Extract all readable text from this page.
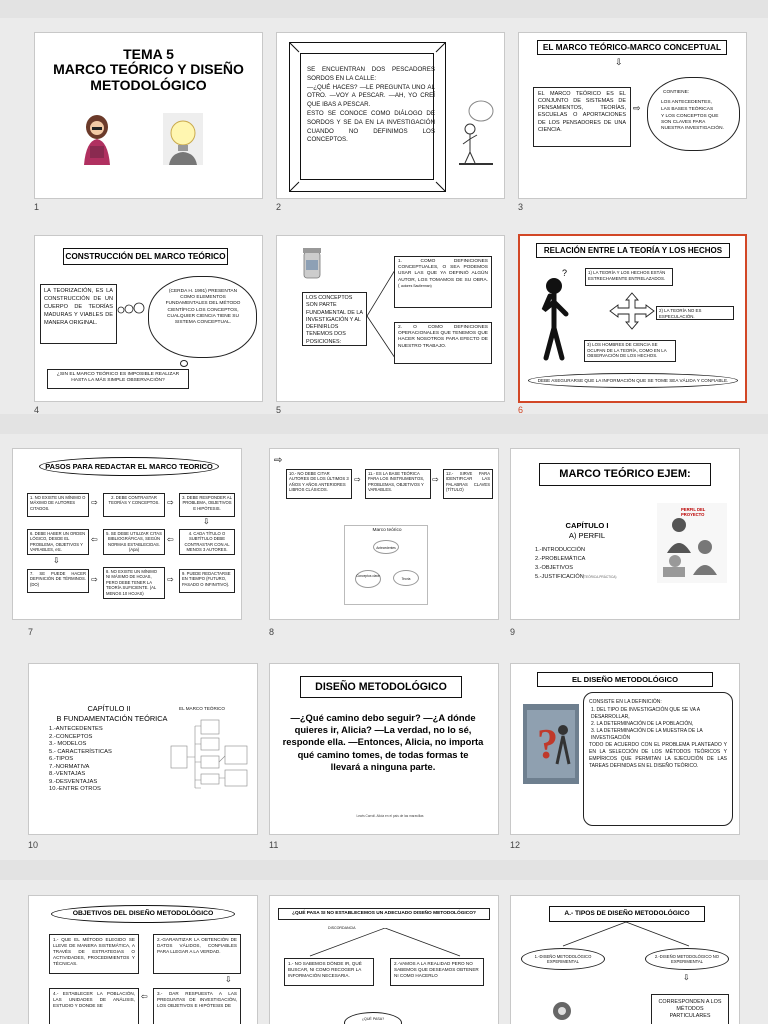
TEMA 5
MARCO TEÓRICO Y DISEÑO METODOLÓGICO
1
SE ENCUENTRAN DOS PESCADORES SORDOS EN LA CALLE:
—¿QUÉ HACES? —LE PREGUNTA UNO AL OTRO. —VOY A PESCAR. —AH, YO CREÍ QUE IBAS A PESCAR.
ESTO SE CONOCE COMO DIÁLOGO DE SORDOS Y SE DA EN LA INVESTIGACIÓN CUANDO NO DEFINIMOS LOS CONCEPTOS.
2
EL MARCO TEÓRICO-MARCO CONCEPTUAL
⇩
EL MARCO TEÓRICO ES EL CONJUNTO DE SISTEMAS DE PENSAMIENTOS, TEORÍAS, ESCUELAS O APORTACIONES DE LOS PENSADORES DE UNA CIENCIA.
⇨
CONTIENE:
LOS ANTECEDENTES,
LAS BASES TEÓRICAS
Y LOS CONCEPTOS QUE SON CLAVES PARA NUESTRA INVESTIGACIÓN.
3
CONSTRUCCIÓN DEL MARCO TEÓRICO
LA TEORIZACIÓN, ES LA CONSTRUCCIÓN DE UN CUERPO DE TEORÍAS MADURAS Y VIABLES DE MANERA ORIGINAL.
(CERDA H. 1991) PRESENTAN COMO ELEMENTOS FUNDAMENTALES DEL MÉTODO CIENTÍFICO LOS CONCEPTOS, CUALQUIER CIENCIA TIENE SU SISTEMA CONCEPTUAL.
¿SIN EL MARCO TEÓRICO ES IMPOSIBLE REALIZAR HASTA LA MÁS SIMPLE OBSERVACIÓN?
4
LOS CONCEPTOS SON PARTE FUNDAMENTAL DE LA INVESTIGACIÓN Y AL DEFINIRLOS TENEMOS DOS POSICIONES:
1. COMO DEFINICIONES CONCEPTUALES, O SEA PODEMOS USAR LAS QUE YA DEFINIÓ ALGÚN AUTOR, LOS TOMAMOS DE SU OBRA. ( autores Sautlerman)
2. O COMO DEFINICIONES OPERACIONALES QUE TENEMOS QUE HACER NOSOTROS PARA EFECTO DE NUESTRO TRABAJO.
5
RELACIÓN ENTRE LA TEORÍA Y LOS HECHOS
?	1) LA TEORÍA Y LOS HECHOS ESTÁN ESTRECHAMENTE ENTRELAZADOS.
2) LA TEORÍA NO ES ESPECULACIÓN.
3) LOS HOMBRES DE CIENCIA SE OCUPAN DE LA TEORÍA, COMO EN LA OBSERVACIÓN DE LOS HECHOS.
DEBE ASEGURARSE QUE LA INFORMACIÓN QUE SE TOME SEA VÁLIDA Y CONFIABLE.
6
PASOS PARA REDACTAR EL MARCO TEORICO
1. NO EXISTE UN MÍNIMO O MÁXIMO DE AUTORES CITADOS.
⇨
2. DEBE CONTRASTAR TEORÍAS Y CONCEPTOS. ⇨
3. DEBE RESPONDER AL PROBLEMA, OBJETIVOS E HIPÓTESIS.
⇩
6. DEBE HABER UN ORDEN LÓGICO, DESDE EL PROBLEMA, OBJETIVOS Y VARIABLES, etc.
⇦
5. SE DEBE UTILIZAR CITAS BIBLIOGRÁFICAS, SEGÚN NORMAS ESTABLECIDAS. (Apa)
⇦
4. CADA TÍTULO O SUBTÍTULO DEBE CONTRASTAR CON AL MENOS 3 AUTORES.
⇩
7. SE PUEDE HACER DEFINICIÓN DE TÉRMINOS. (DO)
⇨
8. NO EXISTE UN MÍNIMO NI MÁXIMO DE HOJAS, PERO DEBE TENER LA TEORÍA SUFICIENTE. (AL MENOS 10 HOJAS)
⇨
9. PUEDE REDACTARSE EN TIEMPO (FUTURO, PASADO O INFINITIVO).
7
⇨
10.- NO DEBE CITAR AUTORES DE LOS ÚLTIMOS 3 AÑOS Y AÑOS ANTERIORES LIBROS CLÁSICOS.
⇨
11.- ES LA BASE TEÓRICA PARA LOS INSTRUMENTOS, PROBLEMAS, OBJETIVOS Y VARIABLES.
⇨
12.- SIRVE PARA IDENTIFICAR LAS PALABRAS CLAVES (TÍTULO)
Marco teórico
Antecedentes
Conceptos clave
Teoría
8
MARCO TEÓRICO EJEM:
CAPÍTULO I
A) PERFIL
1.-INTRODUCCIÓN
2.-PROBLEMÁTICA
3.-OBJETIVOS
5.-JUSTIFICACIÓN (TEÓRICA-PRÁCTICA)
PERFIL DEL PROYECTO
9
CAPÍTULO II
B FUNDAMENTACIÓN TEÓRICA
1.-ANTECEDENTES
2.-CONCEPTOS
3.- MODELOS
5.- CARACTERÍSTICAS
6.-TIPOS
7.-NORMATIVA
8.-VENTAJAS
9.-DESVENTAJAS
10.-ENTRE OTROS
EL MARCO TEÓRICO
10
DISEÑO METODOLÓGICO
—¿Qué camino debo seguir? —¿A dónde quieres ir, Alicia? —La verdad, no lo sé, responde ella. —Entonces, Alicia, no importa qué camino tomes, de todas formas te llevará a ninguna parte.
Lewis Carroll. Alicia en el país de las maravillas
11
EL DISEÑO METODOLÓGICO
?
CONSISTE EN LA DEFINICIÓN:
1. DEL TIPO DE INVESTIGACIÓN QUE SE VA A DESARROLLAR,
2. LA DETERMINACIÓN DE LA POBLACIÓN,
3. LA DETERMINACIÓN DE LA MUESTRA DE LA INVESTIGACIÓN
TODO DE ACUERDO CON EL PROBLEMA PLANTEADO Y EN LA SELECCIÓN DE LOS MÉTODOS TEÓRICOS Y EMPÍRICOS QUE PERMITAN LA EJECUCIÓN DE LAS TAREAS DEFINIDAS EN EL DISEÑO TEÓRICO.
12
OBJETIVOS DEL DISEÑO METODOLÓGICO
1.- QUE EL MÉTODO ELEGIDO SE LLEVE DE MANERA SISTEMÁTICA, A TRAVÉS DE ESTRATEGIAS O ACTIVIDADES, PROCEDIMIENTOS Y TÉCNICAS.
2.-GARANTIZAR LA OBTENCIÓN DE DATOS VÁLIDOS, CONFIABLES PARA LLEGAR A LA VERDAD.
⇩
4.- ESTABLECER LA POBLACIÓN, LAS UNIDADES DE ANÁLISIS, ESTUDIO Y DONDE SE
⇦	3.- DAR RESPUESTA A LAS PREGUNTAS DE INVESTIGACIÓN, LOS OBJETIVOS E HIPÓTESIS DE
¿QUÉ PASA SI NO ESTABLECEMOS UN ADECUADO DISEÑO METODOLÓGICO?
DISCORDANCIA
1.- NO SABEMOS DÓNDE IR, QUÉ BUSCAR, NI COMO RECOGER LA INFORMACIÓN NECESARIA.
2.-VAMOS A LA REALIDAD PERO NO SABEMOS QUE DESEAMOS OBTENER NI COMO HACERLO
¿QUÉ PASA?
A.- TIPOS DE DISEÑO METODOLÓGICO
1.-DISEÑO METODOLÓGICO EXPERIMENTAL
2.-DISEÑO METODOLÓGICO NO EXPERIMENTAL
⇩
CORRESPONDEN A LOS MÉTODOS PARTICULARES
